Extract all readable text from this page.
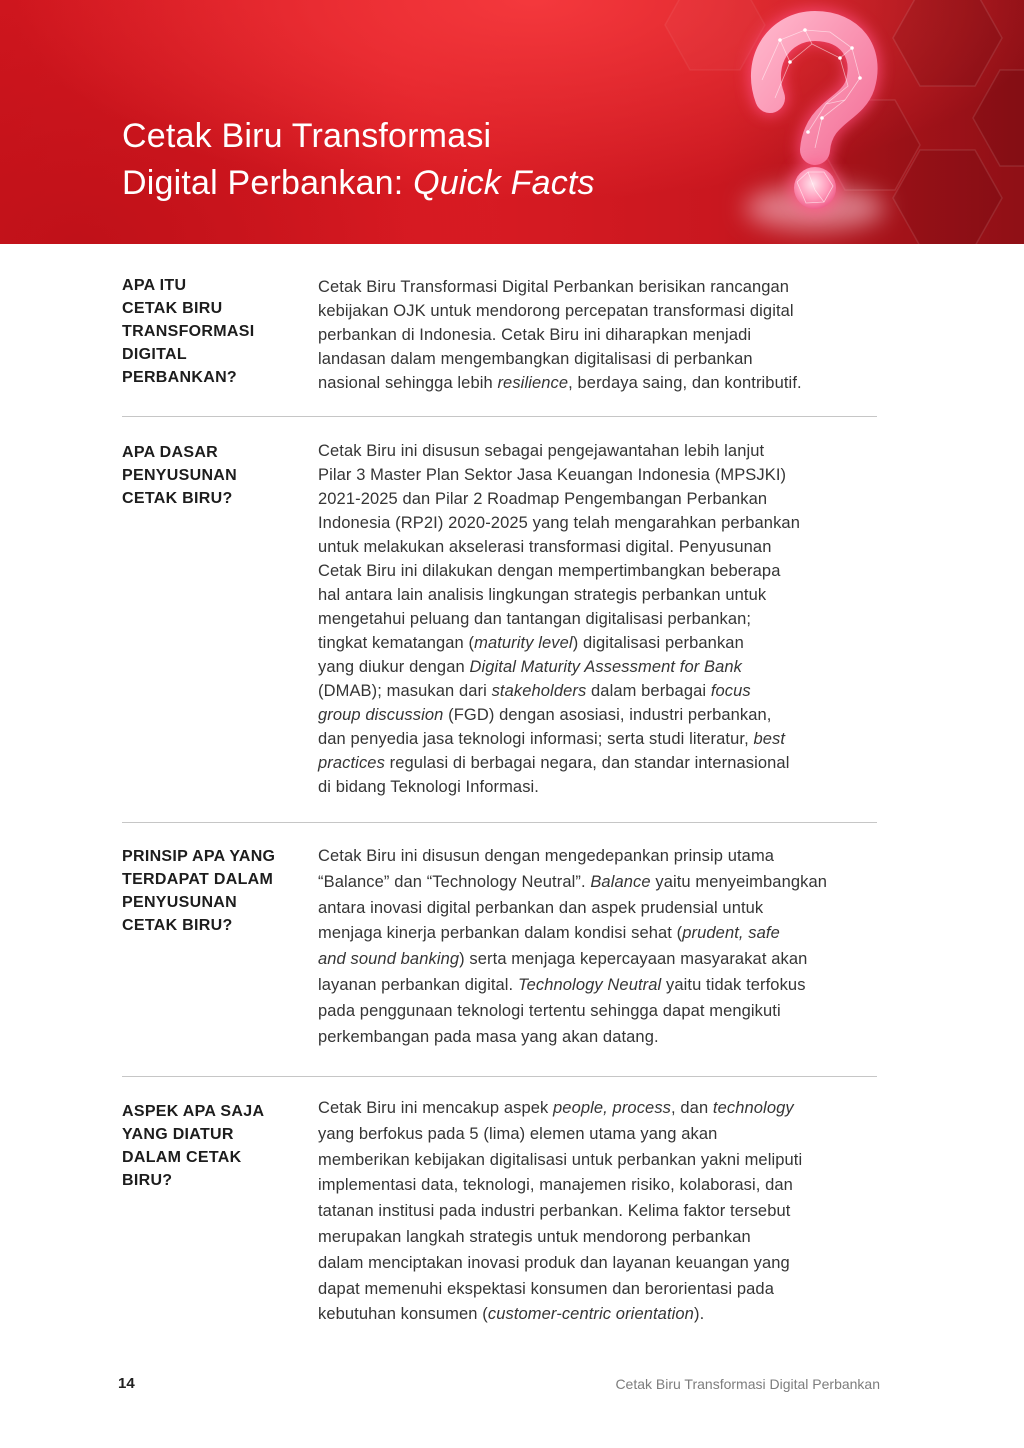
Cetak Biru Transformasi
Digital Perbankan: Quick Facts
APA ITU
CETAK BIRU
TRANSFORMASI
DIGITAL
PERBANKAN?
Cetak Biru Transformasi Digital Perbankan berisikan rancangan
kebijakan OJK untuk mendorong percepatan transformasi digital
perbankan di Indonesia. Cetak Biru ini diharapkan menjadi
landasan dalam mengembangkan digitalisasi di perbankan
nasional sehingga lebih resilience, berdaya saing, dan kontributif.
APA DASAR
PENYUSUNAN
CETAK BIRU?
Cetak Biru ini disusun sebagai pengejawantahan lebih lanjut
Pilar 3 Master Plan Sektor Jasa Keuangan Indonesia (MPSJKI)
2021-2025 dan Pilar 2 Roadmap Pengembangan Perbankan
Indonesia (RP2I) 2020-2025 yang telah mengarahkan perbankan
untuk melakukan akselerasi transformasi digital. Penyusunan
Cetak Biru ini dilakukan dengan mempertimbangkan beberapa
hal antara lain analisis lingkungan strategis perbankan untuk
mengetahui peluang dan tantangan digitalisasi perbankan;
tingkat kematangan (maturity level) digitalisasi perbankan
yang diukur dengan Digital Maturity Assessment for Bank
(DMAB); masukan dari stakeholders dalam berbagai focus
group discussion (FGD) dengan asosiasi, industri perbankan,
dan penyedia jasa teknologi informasi; serta studi literatur, best
practices regulasi di berbagai negara, dan standar internasional
di bidang Teknologi Informasi.
PRINSIP APA YANG
TERDAPAT DALAM
PENYUSUNAN
CETAK BIRU?
Cetak Biru ini disusun dengan mengedepankan prinsip utama
“Balance” dan “Technology Neutral”. Balance yaitu menyeimbangkan
antara inovasi digital perbankan dan aspek prudensial untuk
menjaga kinerja perbankan dalam kondisi sehat (prudent, safe
and sound banking) serta menjaga kepercayaan masyarakat akan
layanan perbankan digital. Technology Neutral yaitu tidak terfokus
pada penggunaan teknologi tertentu sehingga dapat mengikuti
perkembangan pada masa yang akan datang.
ASPEK APA SAJA
YANG DIATUR
DALAM CETAK
BIRU?
Cetak Biru ini mencakup aspek people, process, dan technology
yang berfokus pada 5 (lima) elemen utama yang akan
memberikan kebijakan digitalisasi untuk perbankan yakni meliputi
implementasi data, teknologi, manajemen risiko, kolaborasi, dan
tatanan institusi pada industri perbankan. Kelima faktor tersebut
merupakan langkah strategis untuk mendorong perbankan
dalam menciptakan inovasi produk dan layanan keuangan yang
dapat memenuhi ekspektasi konsumen dan berorientasi pada
kebutuhan konsumen (customer-centric orientation).
14	Cetak Biru Transformasi Digital Perbankan
